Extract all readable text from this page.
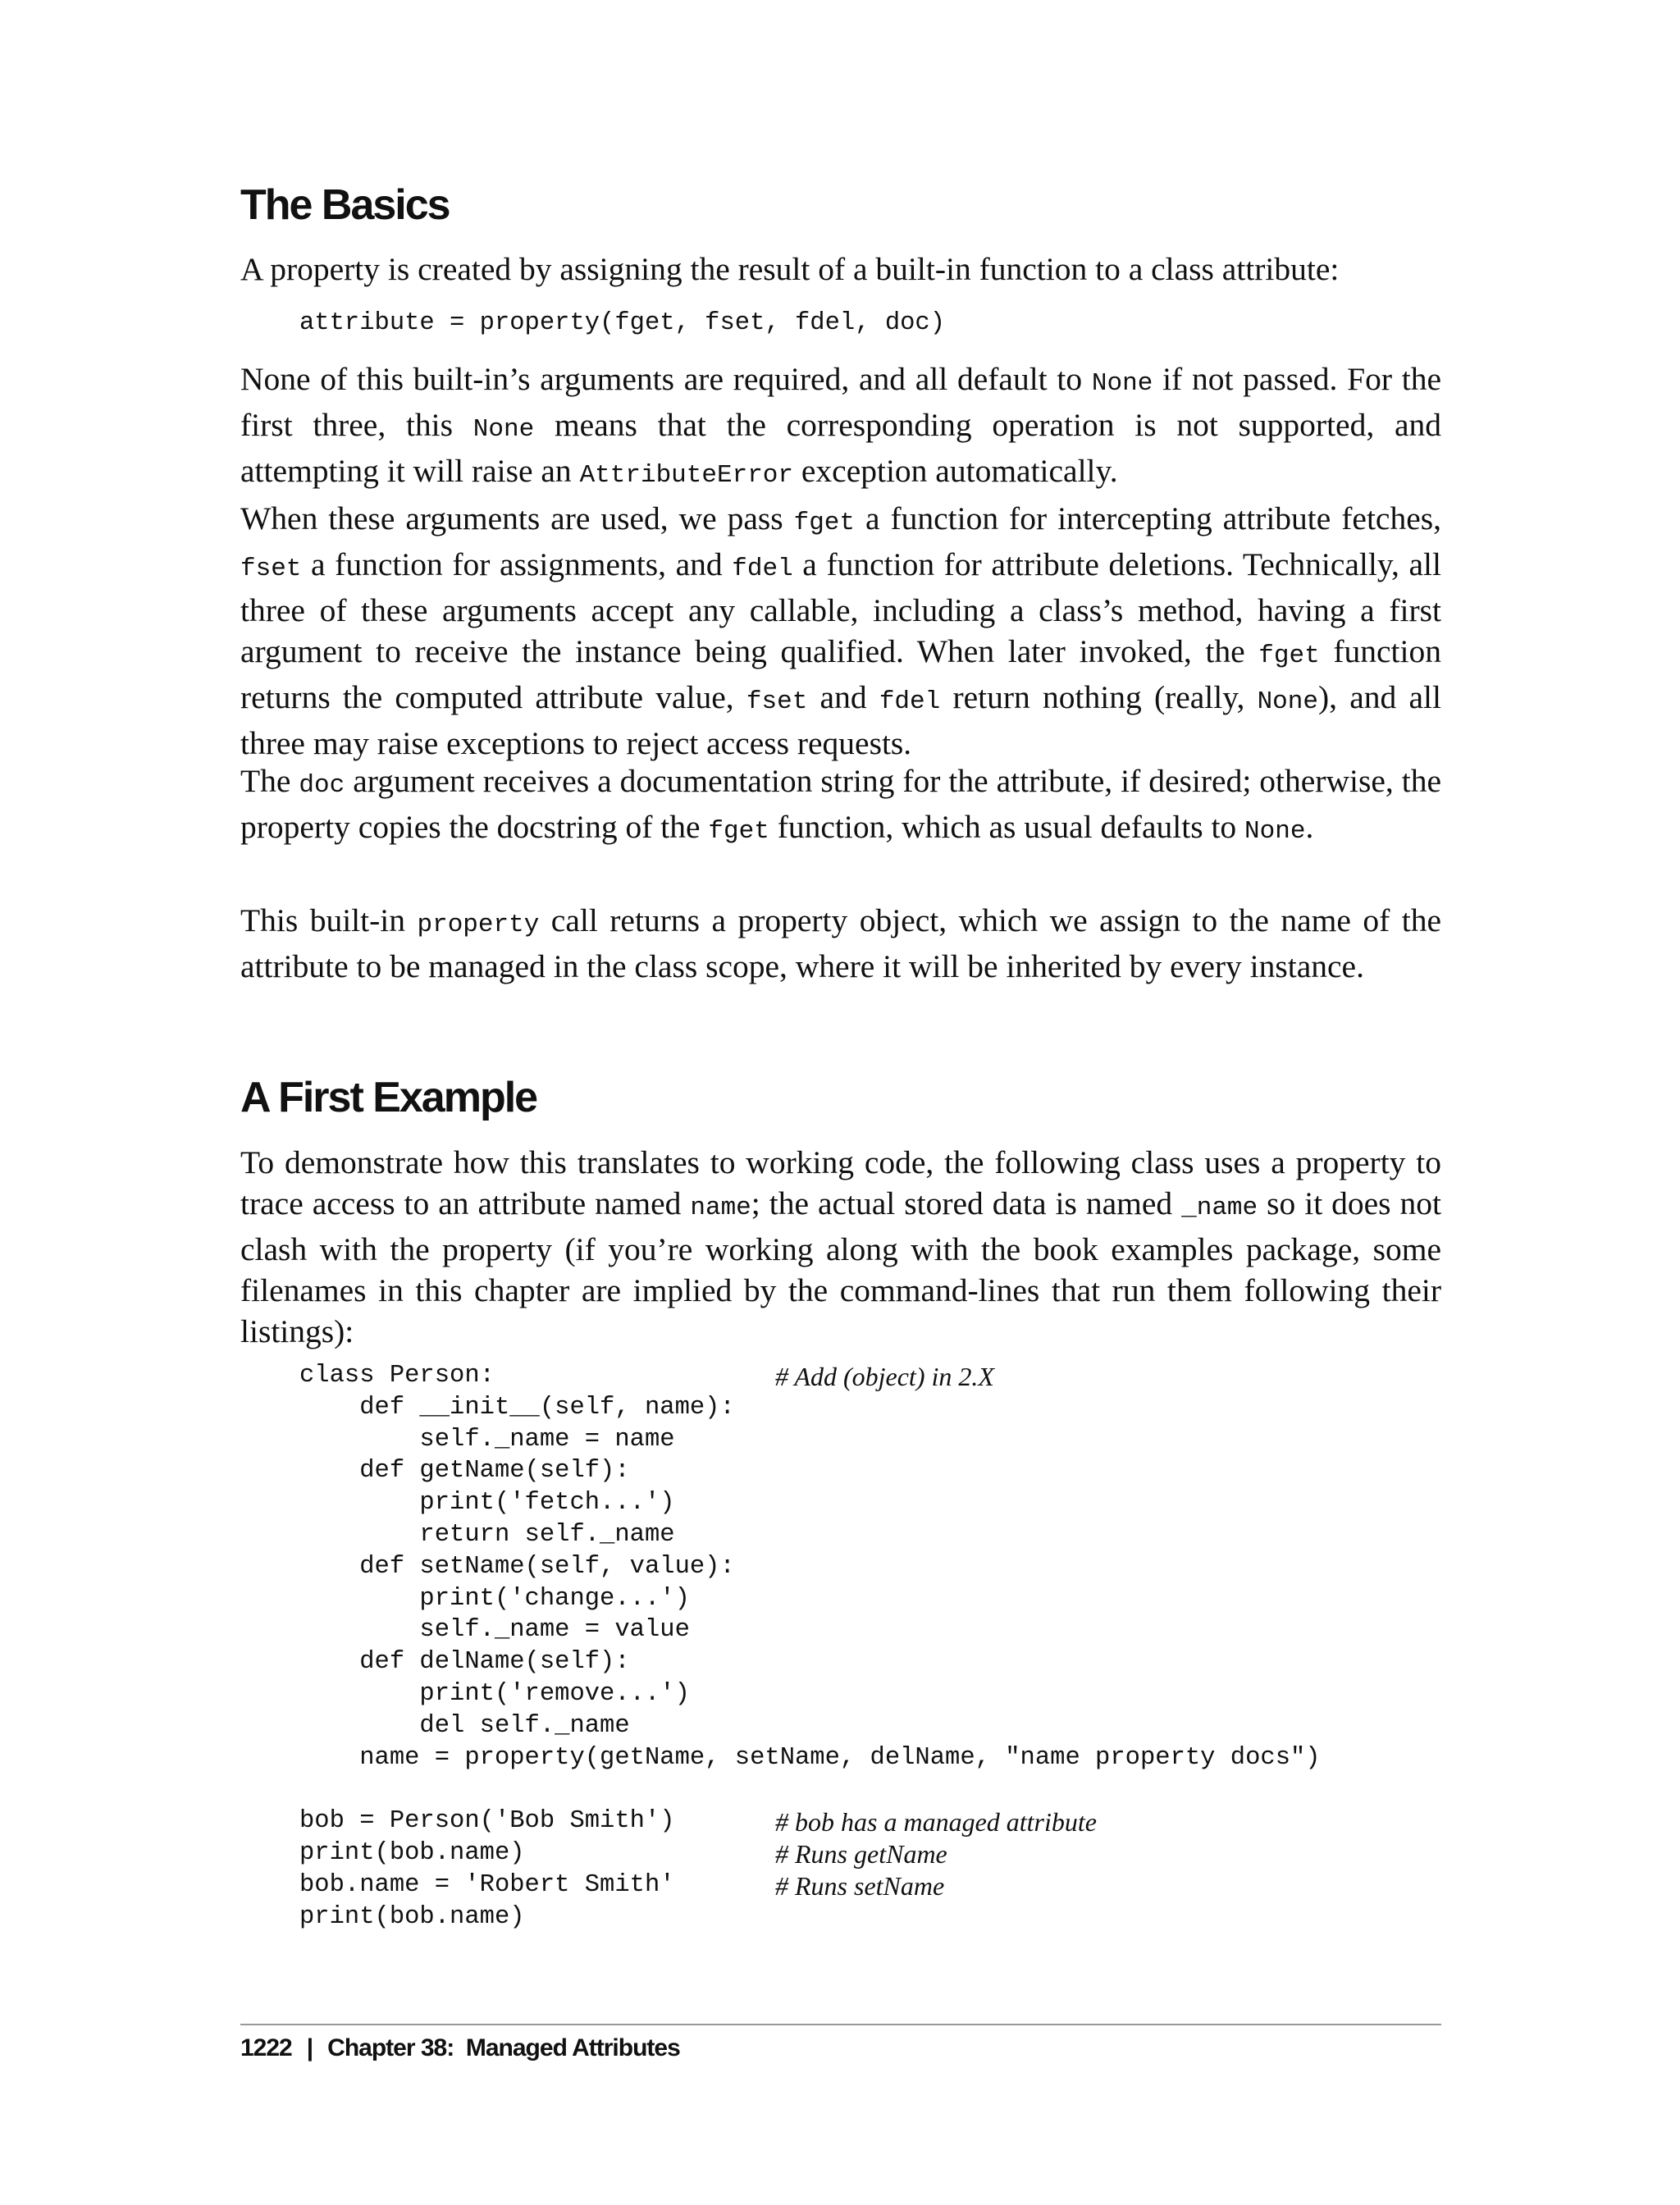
The Basics

A property is created by assigning the result of a built-in function to a class attribute:

attribute = property(fget, fset, fdel, doc)

None of this built-in’s arguments are required, and all default to None if not passed. For the first three, this None means that the corresponding operation is not supported, and attempting it will raise an AttributeError exception automatically.

When these arguments are used, we pass fget a function for intercepting attribute fetches, fset a function for assignments, and fdel a function for attribute deletions. Technically, all three of these arguments accept any callable, including a class’s method, having a first argument to receive the instance being qualified. When later invoked, the fget function returns the computed attribute value, fset and fdel return nothing (really, None), and all three may raise exceptions to reject access requests.

The doc argument receives a documentation string for the attribute, if desired; otherwise, the property copies the docstring of the fget function, which as usual defaults to None.

This built-in property call returns a property object, which we assign to the name of the attribute to be managed in the class scope, where it will be inherited by every instance.

A First Example

To demonstrate how this translates to working code, the following class uses a property to trace access to an attribute named name; the actual stored data is named _name so it does not clash with the property (if you’re working along with the book examples package, some filenames in this chapter are implied by the command-lines that run them following their listings):

class Person:	# Add (object) in 2.X
def __init__(self, name):
self._name = name
def getName(self):
print('fetch...')
return self._name
def setName(self, value):
print('change...')
self._name = value
def delName(self):
print('remove...')
del self._name
name = property(getName, setName, delName, "name property docs")
bob = Person('Bob Smith')	# bob has a managed attribute
print(bob.name)	# Runs getName
bob.name = 'Robert Smith'	# Runs setName
print(bob.name)
1222 | Chapter 38:  Managed Attributes
